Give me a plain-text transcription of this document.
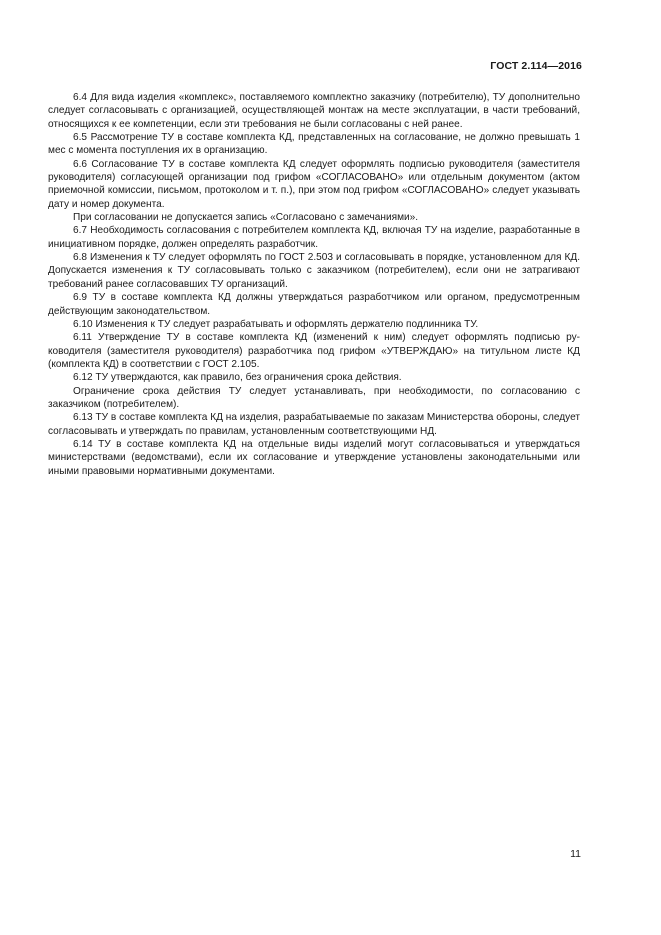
ГОСТ 2.114—2016

6.4 Для вида изделия «комплекс», поставляемого комплектно заказчику (потребителю), ТУ дополнительно следует согласовывать с организацией, осуществляющей монтаж на месте эксплуатации, в части требований, относящихся к ее компетенции, если эти требования не были согласованы с ней ранее.

6.5 Рассмотрение ТУ в составе комплекта КД, представленных на согласование, не должно превышать 1 мес с момента поступления их в организацию.

6.6 Согласование ТУ в составе комплекта КД следует оформлять подписью руководителя (заместителя руководителя) согласующей организации под грифом «СОГЛАСОВАНО» или отдельным документом (актом приемочной комиссии, письмом, протоколом и т. п.), при этом под грифом «СОГЛАСОВАНО» следует указывать дату и номер документа.

При согласовании не допускается запись «Согласовано с замечаниями».

6.7 Необходимость согласования с потребителем комплекта КД, включая ТУ на изделие, разработанные в инициативном порядке, должен определять разработчик.

6.8 Изменения к ТУ следует оформлять по ГОСТ 2.503 и согласовывать в порядке, установленном для КД. Допускается изменения к ТУ согласовывать только с заказчиком (потребителем), если они не затрагивают требований ранее согласовавших ТУ организаций.

6.9 ТУ в составе комплекта КД должны утверждаться разработчиком или органом, предусмотренным действующим законодательством.

6.10 Изменения к ТУ следует разрабатывать и оформлять держателю подлинника ТУ.

6.11 Утверждение ТУ в составе комплекта КД (изменений к ним) следует оформлять подписью руководителя (заместителя руководителя) разработчика под грифом «УТВЕРЖДАЮ» на титульном листе КД (комплекта КД) в соответствии с ГОСТ 2.105.

6.12 ТУ утверждаются, как правило, без ограничения срока действия.

Ограничение срока действия ТУ следует устанавливать, при необходимости, по согласованию с заказчиком (потребителем).

6.13 ТУ в составе комплекта КД на изделия, разрабатываемые по заказам Министерства обороны, следует согласовывать и утверждать по правилам, установленным соответствующими НД.

6.14 ТУ в составе комплекта КД на отдельные виды изделий могут согласовываться и утверждаться министерствами (ведомствами), если их согласование и утверждение установлены законодательными или иными правовыми нормативными документами.

11
